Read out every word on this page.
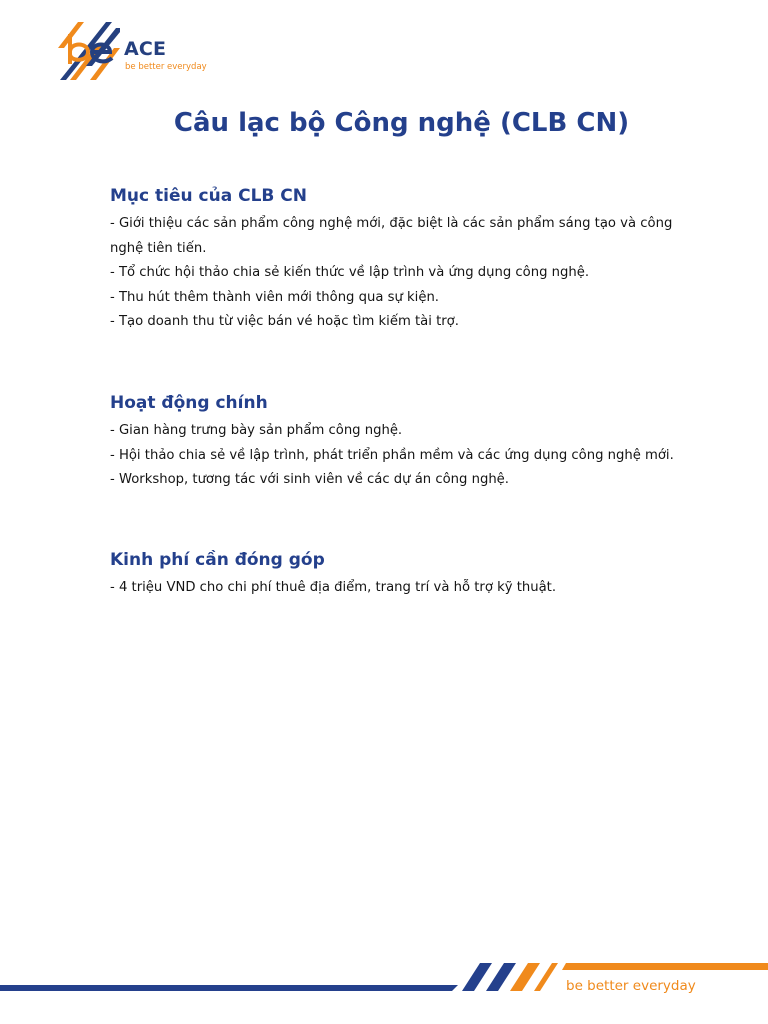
ACE
be better everyday
Câu lạc bộ Công nghệ (CLB CN)
Mục tiêu của CLB CN
- Giới thiệu các sản phẩm công nghệ mới, đặc biệt là các sản phẩm sáng tạo và công nghệ tiên tiến.
- Tổ chức hội thảo chia sẻ kiến thức về lập trình và ứng dụng công nghệ.
- Thu hút thêm thành viên mới thông qua sự kiện.
- Tạo doanh thu từ việc bán vé hoặc tìm kiếm tài trợ.
Hoạt động chính
- Gian hàng trưng bày sản phẩm công nghệ.
- Hội thảo chia sẻ về lập trình, phát triển phần mềm và các ứng dụng công nghệ mới.
- Workshop, tương tác với sinh viên về các dự án công nghệ.
Kinh phí cần đóng góp
- 4 triệu VND cho chi phí thuê địa điểm, trang trí và hỗ trợ kỹ thuật.
be better everyday
